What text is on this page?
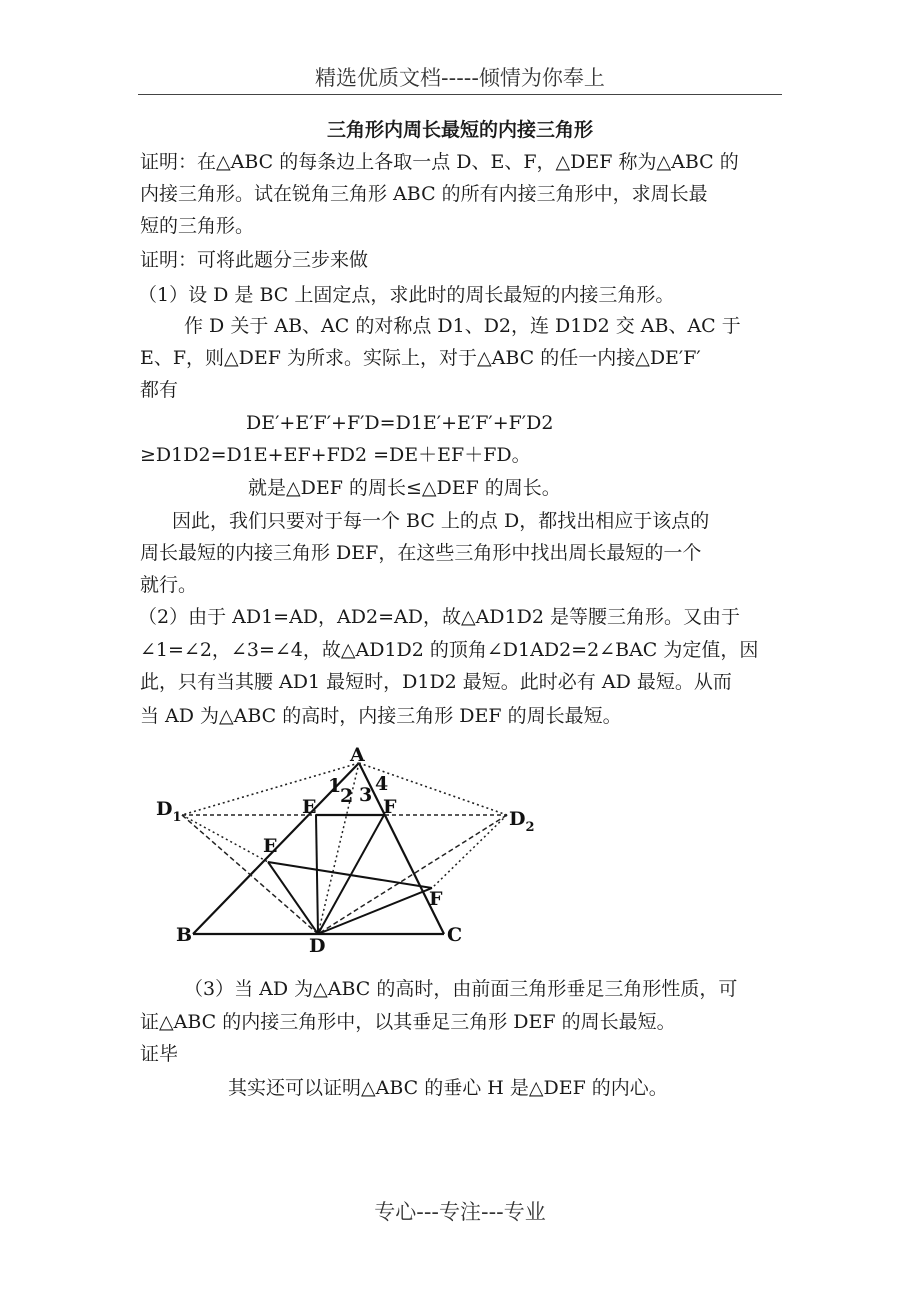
精选优质文档-----倾情为你奉上
三角形内周长最短的内接三角形
证明：在△ABC 的每条边上各取一点 D、E、F，△DEF 称为△ABC 的
内接三角形。试在锐角三角形 ABC 的所有内接三角形中，求周长最
短的三角形。
证明：可将此题分三步来做
（1）设 D 是 BC 上固定点，求此时的周长最短的内接三角形。
作 D 关于 AB、AC 的对称点 D1、D2，连 D1D2 交 AB、AC 于
E、F，则△DEF 为所求。实际上，对于△ABC 的任一内接△DE′F′
都有
DE′+E′F′+F′D=D1E′+E′F′+F′D2
≥D1D2=D1E+EF+FD2 =DE＋EF＋FD。
就是△DEF 的周长≤△DEF 的周长。
因此，我们只要对于每一个 BC 上的点 D，都找出相应于该点的
周长最短的内接三角形 DEF，在这些三角形中找出周长最短的一个
就行。
（2）由于 AD1=AD，AD2=AD，故△AD1D2 是等腰三角形。又由于
∠1=∠2，∠3=∠4，故△AD1D2 的顶角∠D1AD2=2∠BAC 为定值，因
此，只有当其腰 AD1 最短时，D1D2 最短。此时必有 AD 最短。从而
当 AD 为△ABC 的高时，内接三角形 DEF 的周长最短。
A
B	C
D
E	F
E
F
$D_1$	$D_2$
1
2 3 4
（3）当 AD 为△ABC 的高时，由前面三角形垂足三角形性质，可
证△ABC 的内接三角形中，以其垂足三角形 DEF 的周长最短。
证毕
其实还可以证明△ABC 的垂心 H 是△DEF 的内心。
专心---专注---专业
